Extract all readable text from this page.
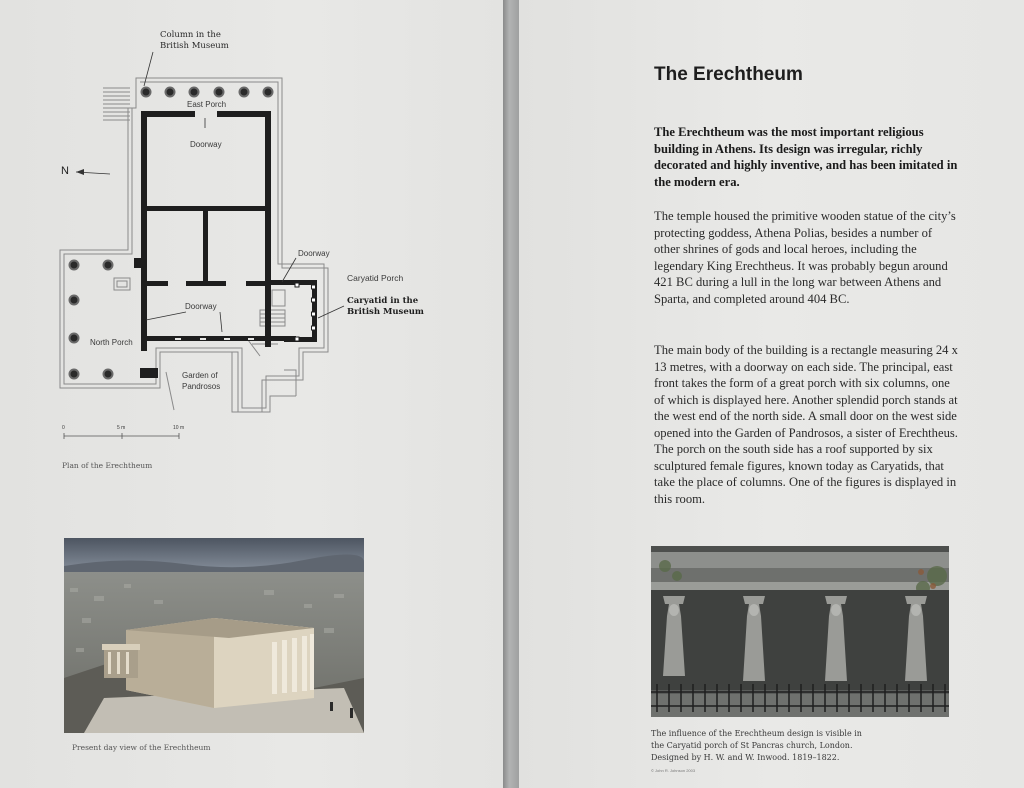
Column in the
British Museum
East Porch
Doorway
N
Doorway
Caryatid Porch
Caryatid in the
British Museum
Doorway
North Porch
Garden of
Pandrosos
0	5 m	10 m
Plan of the Erechtheum
Present day view of the Erechtheum
The Erechtheum

The Erechtheum was the most important religious building in Athens. Its design was irregular, richly decorated and highly inventive, and has been imitated in the modern era.

The temple housed the primitive wooden statue of the city’s protecting goddess, Athena Polias, besides a number of other shrines of gods and local heroes, including the legendary King Erechtheus. It was probably begun around 421 BC during a lull in the long war between Athens and Sparta, and completed around 404 BC.

The main body of the building is a rectangle measuring 24 x 13 metres, with a doorway on each side. The principal, east front takes the form of a great porch with six columns, one of which is displayed here. Another splendid porch stands at the west end of the north side. A small door on the west side opened into the Garden of Pandrosos, a sister of Erechtheus. The porch on the south side has a roof supported by six sculptured female figures, known today as Caryatids, that take the place of columns. One of the figures is displayed in this room.

The influence of the Erechtheum design is visible in
the Caryatid porch of St Pancras church, London.
Designed by H. W. and W. Inwood. 1819–1822.
© John R. Johnson 2003
